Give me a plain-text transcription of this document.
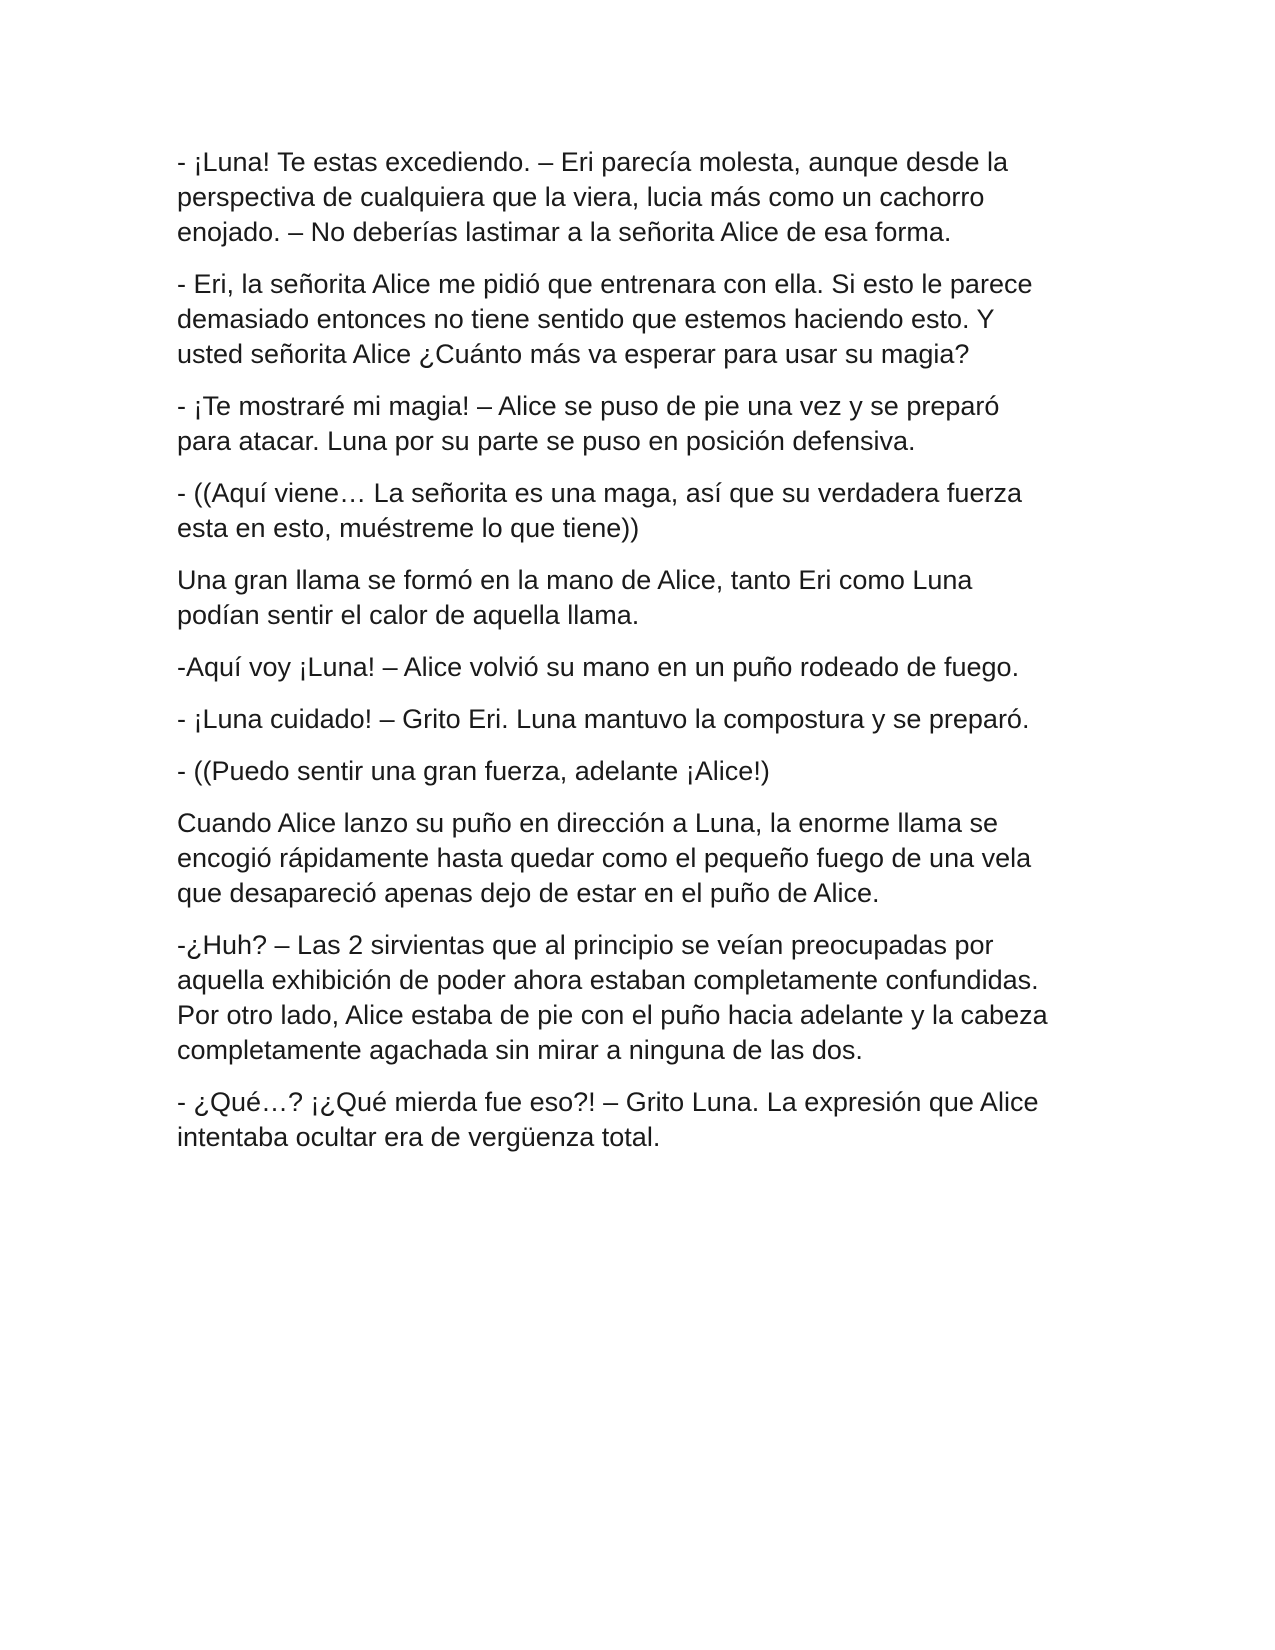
- ¡Luna! Te estas excediendo. – Eri parecía molesta, aunque desde la
perspectiva de cualquiera que la viera, lucia más como un cachorro
enojado. – No deberías lastimar a la señorita Alice de esa forma.

- Eri, la señorita Alice me pidió que entrenara con ella. Si esto le parece
demasiado entonces no tiene sentido que estemos haciendo esto. Y
usted señorita Alice ¿Cuánto más va esperar para usar su magia?

- ¡Te mostraré mi magia! – Alice se puso de pie una vez y se preparó
para atacar. Luna por su parte se puso en posición defensiva.

- ((Aquí viene… La señorita es una maga, así que su verdadera fuerza
esta en esto, muéstreme lo que tiene))

Una gran llama se formó en la mano de Alice, tanto Eri como Luna
podían sentir el calor de aquella llama.

-Aquí voy ¡Luna! – Alice volvió su mano en un puño rodeado de fuego.

- ¡Luna cuidado! – Grito Eri. Luna mantuvo la compostura y se preparó.

- ((Puedo sentir una gran fuerza, adelante ¡Alice!)

Cuando Alice lanzo su puño en dirección a Luna, la enorme llama se
encogió rápidamente hasta quedar como el pequeño fuego de una vela
que desapareció apenas dejo de estar en el puño de Alice.

-¿Huh? – Las 2 sirvientas que al principio se veían preocupadas por
aquella exhibición de poder ahora estaban completamente confundidas.
Por otro lado, Alice estaba de pie con el puño hacia adelante y la cabeza
completamente agachada sin mirar a ninguna de las dos.

- ¿Qué…? ¡¿Qué mierda fue eso?! – Grito Luna. La expresión que Alice
intentaba ocultar era de vergüenza total.
